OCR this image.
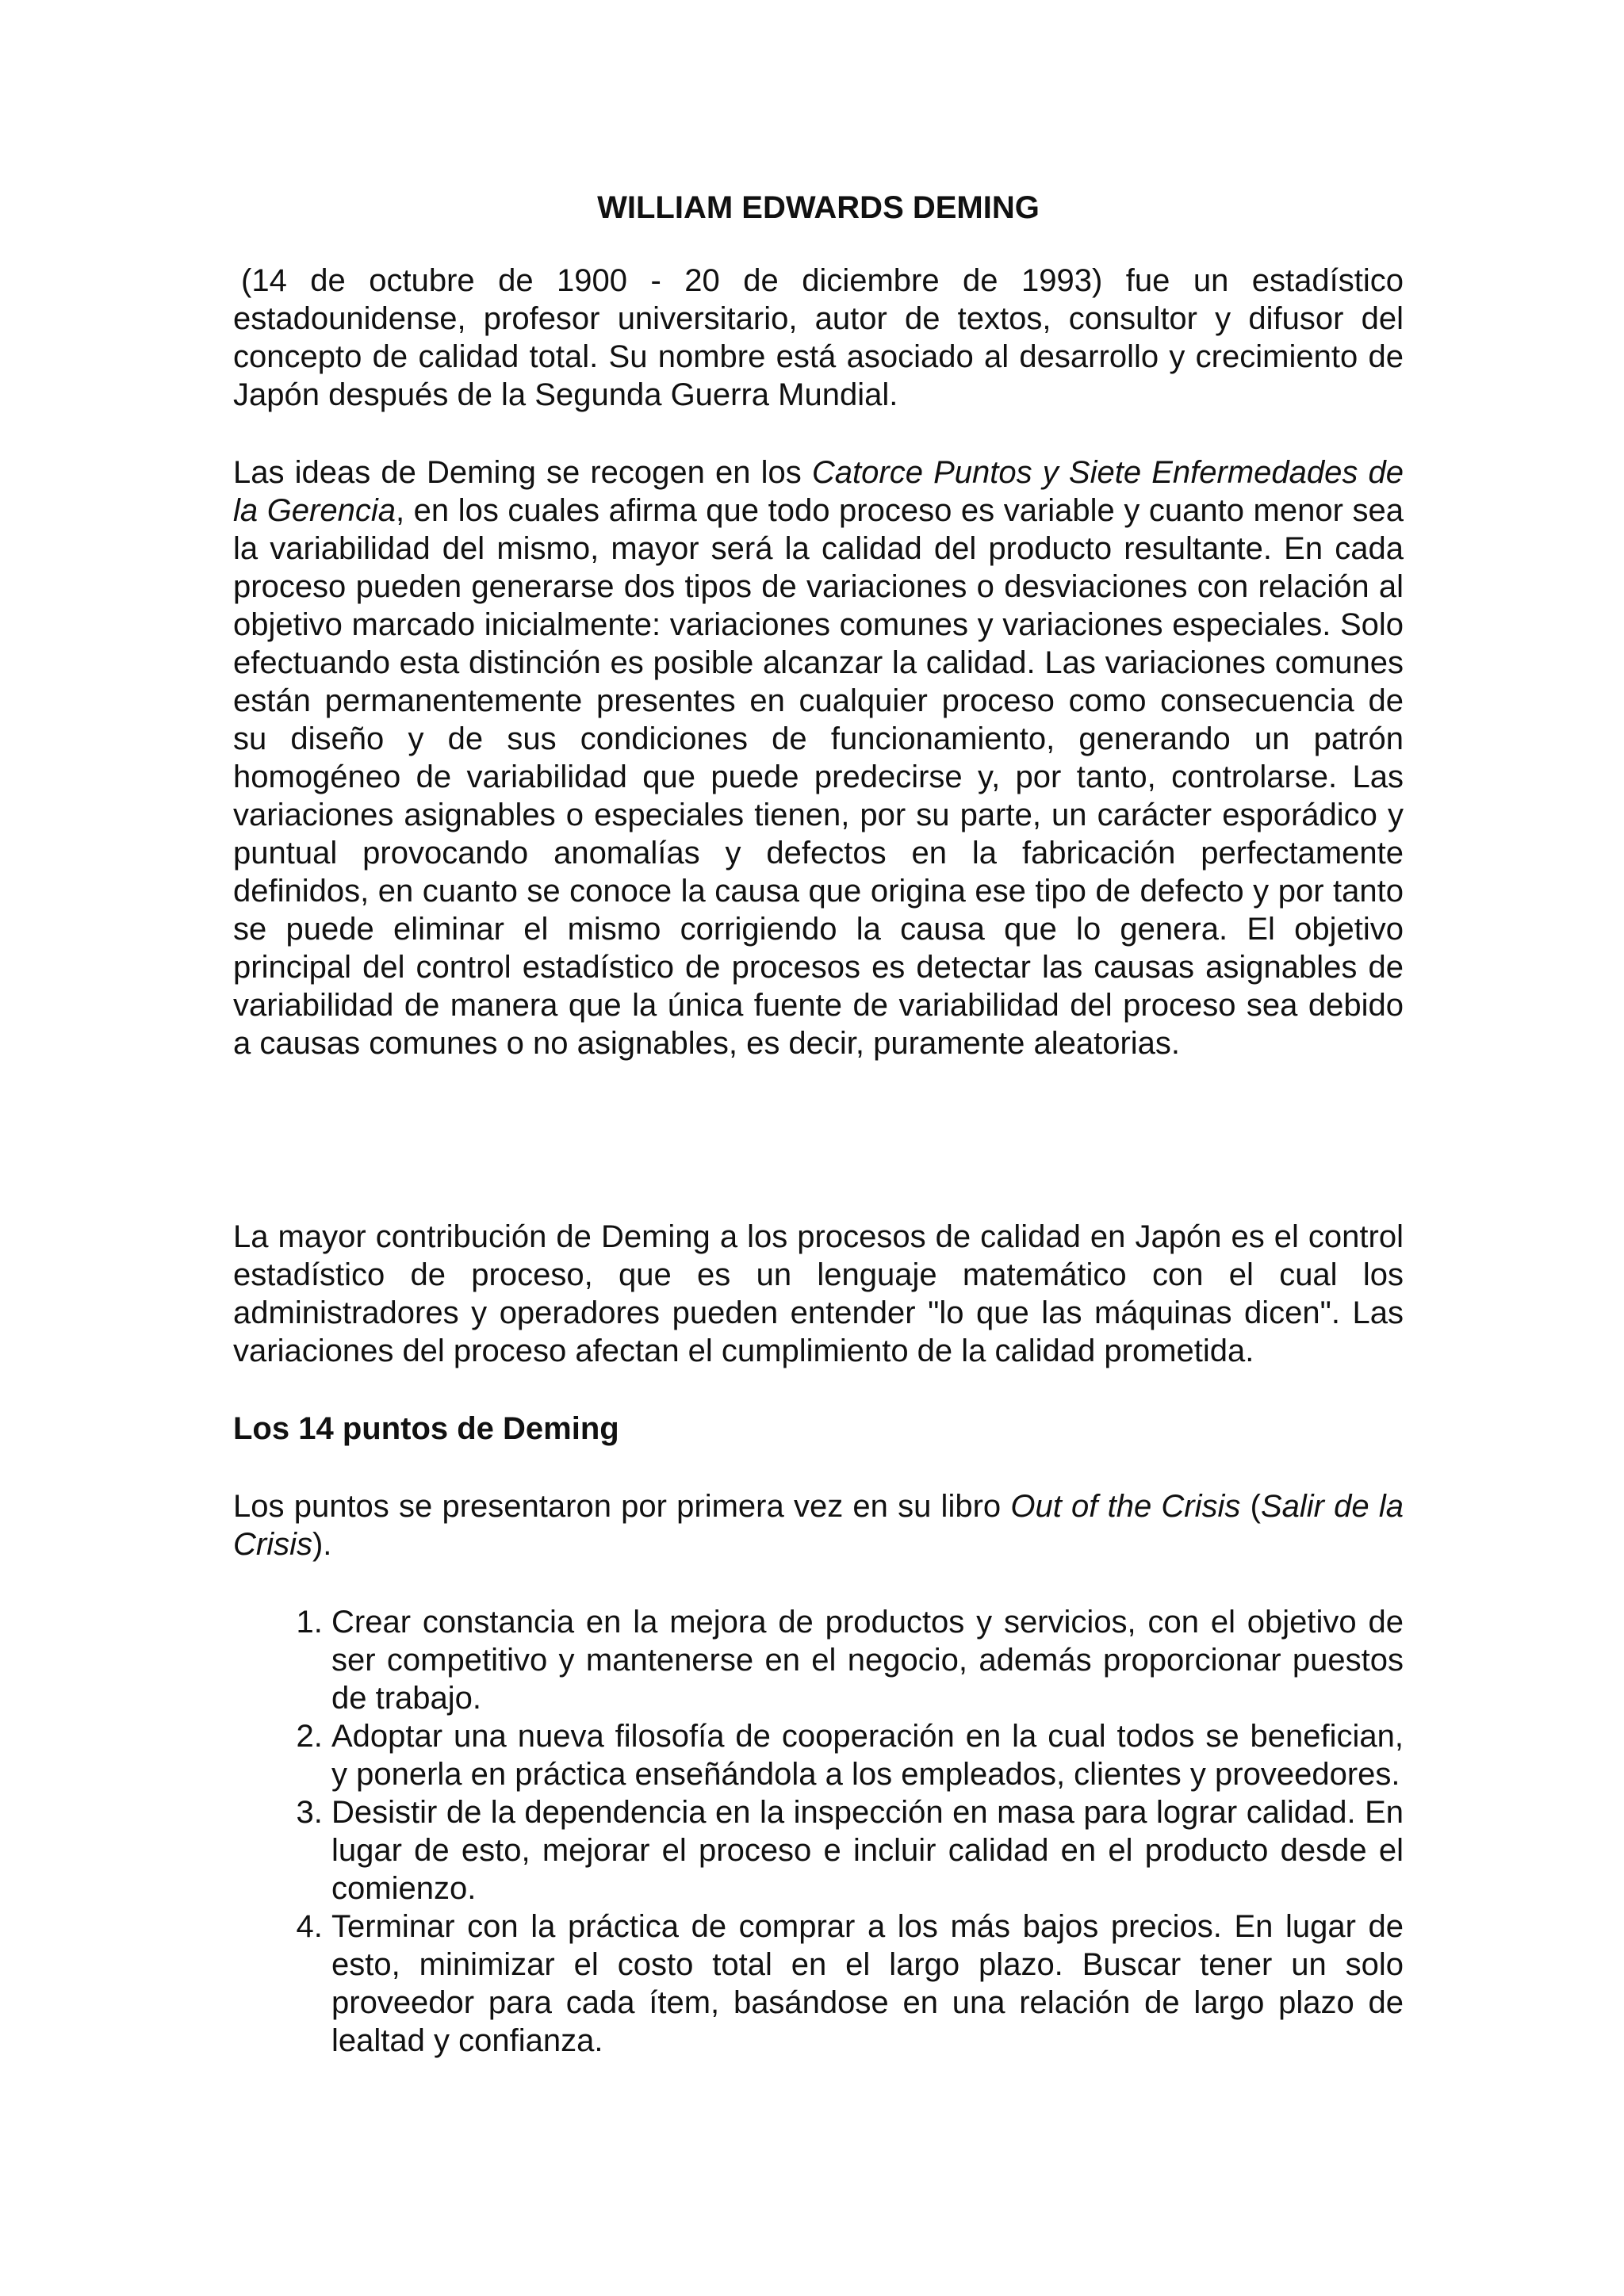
WILLIAM EDWARDS DEMING

(14 de octubre de 1900 - 20 de diciembre de 1993) fue un estadístico estadounidense, profesor universitario, autor de textos, consultor y difusor del concepto de calidad total. Su nombre está asociado al desarrollo y crecimiento de Japón después de la Segunda Guerra Mundial.

Las ideas de Deming se recogen en los Catorce Puntos y Siete Enfermedades de la Gerencia, en los cuales afirma que todo proceso es variable y cuanto menor sea la variabilidad del mismo, mayor será la calidad del producto resultante. En cada proceso pueden generarse dos tipos de variaciones o desviaciones con relación al objetivo marcado inicialmente: variaciones comunes y variaciones especiales. Solo efectuando esta distinción es posible alcanzar la calidad. Las variaciones comunes están permanentemente presentes en cualquier proceso como consecuencia de su diseño y de sus condiciones de funcionamiento, generando un patrón homogéneo de variabilidad que puede predecirse y, por tanto, controlarse. Las variaciones asignables o especiales tienen, por su parte, un carácter esporádico y puntual provocando anomalías y defectos en la fabricación perfectamente definidos, en cuanto se conoce la causa que origina ese tipo de defecto y por tanto se puede eliminar el mismo corrigiendo la causa que lo genera. El objetivo principal del control estadístico de procesos es detectar las causas asignables de variabilidad de manera que la única fuente de variabilidad del proceso sea debido a causas comunes o no asignables, es decir, puramente aleatorias.

La mayor contribución de Deming a los procesos de calidad en Japón es el control estadístico de proceso, que es un lenguaje matemático con el cual los administradores y operadores pueden entender "lo que las máquinas dicen". Las variaciones del proceso afectan el cumplimiento de la calidad prometida.

Los 14 puntos de Deming

Los puntos se presentaron por primera vez en su libro Out of the Crisis (Salir de la Crisis).

1. Crear constancia en la mejora de productos y servicios, con el objetivo de ser competitivo y mantenerse en el negocio, además proporcionar puestos de trabajo.
2. Adoptar una nueva filosofía de cooperación en la cual todos se benefician, y ponerla en práctica enseñándola a los empleados, clientes y proveedores.
3. Desistir de la dependencia en la inspección en masa para lograr calidad. En lugar de esto, mejorar el proceso e incluir calidad en el producto desde el comienzo.
4. Terminar con la práctica de comprar a los más bajos precios. En lugar de esto, minimizar el costo total en el largo plazo. Buscar tener un solo proveedor para cada ítem, basándose en una relación de largo plazo de lealtad y confianza.
